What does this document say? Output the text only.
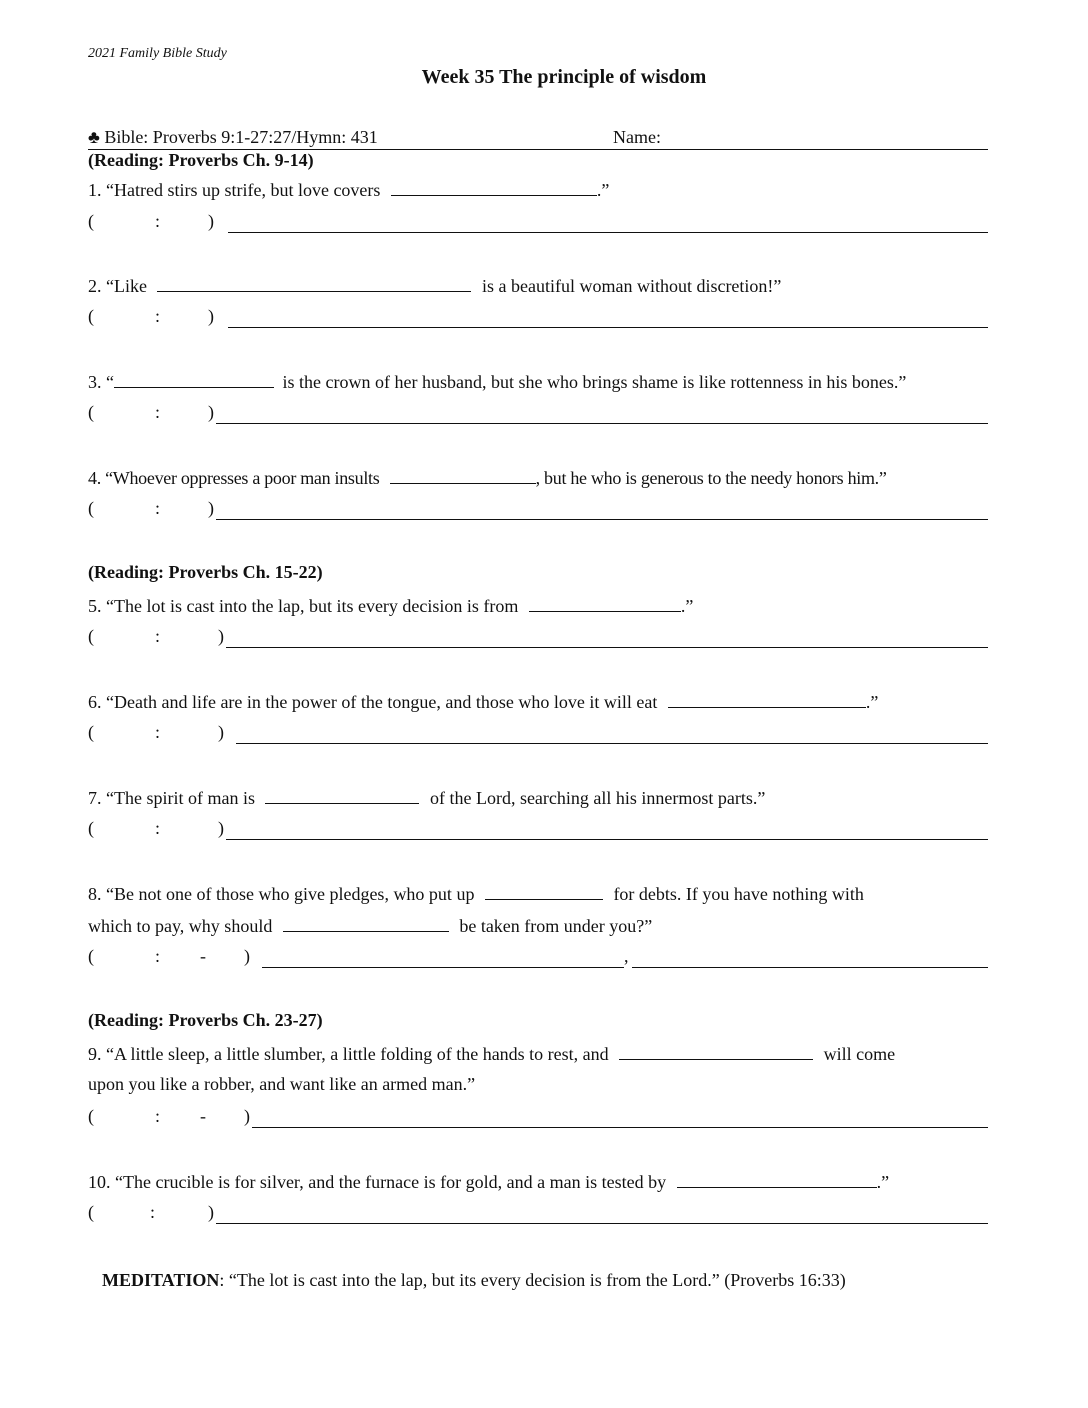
2021 Family Bible Study
Week 35 The principle of wisdom
♣ Bible: Proverbs 9:1-27:27/Hymn: 431	Name:
(Reading: Proverbs Ch. 9-14)
1. “Hatred stirs up strife, but love covers	.”
(	:	)
2. “Like	is a beautiful woman without discretion!”
(	:	)
3. “	is the crown of her husband, but she who brings shame is like rottenness in his bones.”
(	:	)
4. “Whoever oppresses a poor man insults	, but he who is generous to the needy honors him.”
(	:	)
(Reading: Proverbs Ch. 15-22)
5. “The lot is cast into the lap, but its every decision is from	.”
(	:	)
6. “Death and life are in the power of the tongue, and those who love it will eat	.”
(	:	)
7. “The spirit of man is	of the Lord, searching all his innermost parts.”
(	:	)
8. “Be not one of those who give pledges, who put up	for debts. If you have nothing with
which to pay, why should	be taken from under you?”
(	: - )	,
(Reading: Proverbs Ch. 23-27)
9. “A little sleep, a little slumber, a little folding of the hands to rest, and	will come
upon you like a robber, and want like an armed man.”
(	: - )
10. “The crucible is for silver, and the furnace is for gold, and a man is tested by	.”
(	:	)
MEDITATION: “The lot is cast into the lap, but its every decision is from the Lord.” (Proverbs 16:33)
